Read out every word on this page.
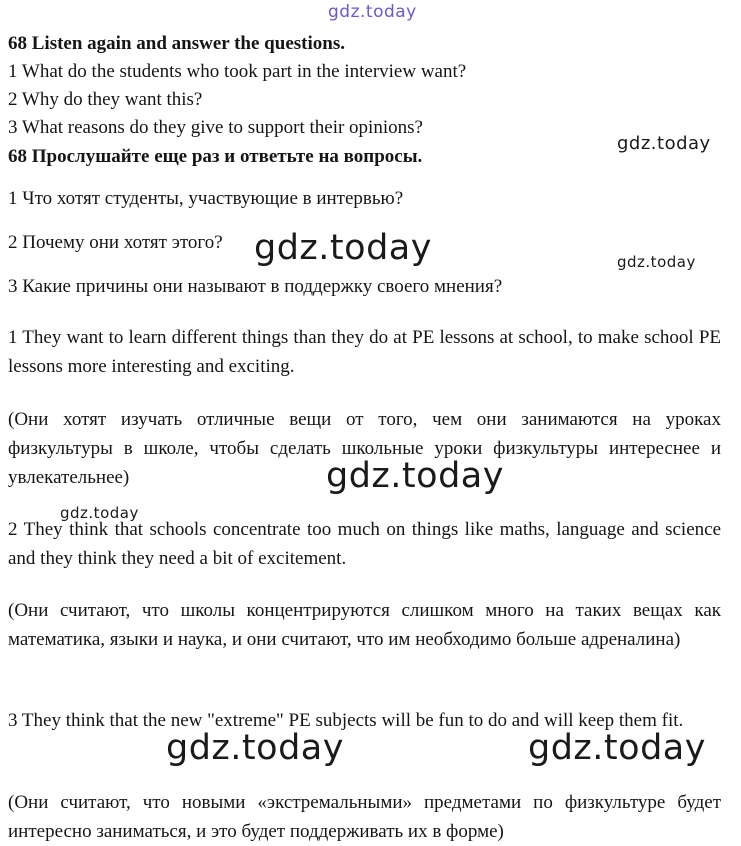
gdz.today
gdz.today
gdz.today	gdz.today
gdz.today
gdz.today
gdz.today	gdz.today
68 Listen again and answer the questions.
1 What do the students who took part in the interview want?
2 Why do they want this?
3 What reasons do they give to support their opinions?
68 Прослушайте еще раз и ответьте на вопросы.
1 Что хотят студенты, участвующие в интервью?
2 Почему они хотят этого?
3 Какие причины они называют в поддержку своего мнения?

1 They want to learn different things than they do at PE lessons at school, to make school PE lessons more interesting and exciting.

(Они хотят изучать отличные вещи от того, чем они занимаются на уроках физкультуры в школе, чтобы сделать школьные уроки физкультуры интереснее и увлекательнее)

2 They think that schools concentrate too much on things like maths, language and science and they think they need a bit of excitement.

(Они считают, что школы концентрируются слишком много на таких вещах как математика, языки и наука, и они считают, что им необходимо больше адреналина)

3 They think that the new "extreme" PE subjects will be fun to do and will keep them fit.

(Они считают, что новыми «экстремальными» предметами по физкультуре будет интересно заниматься, и это будет поддерживать их в форме)
